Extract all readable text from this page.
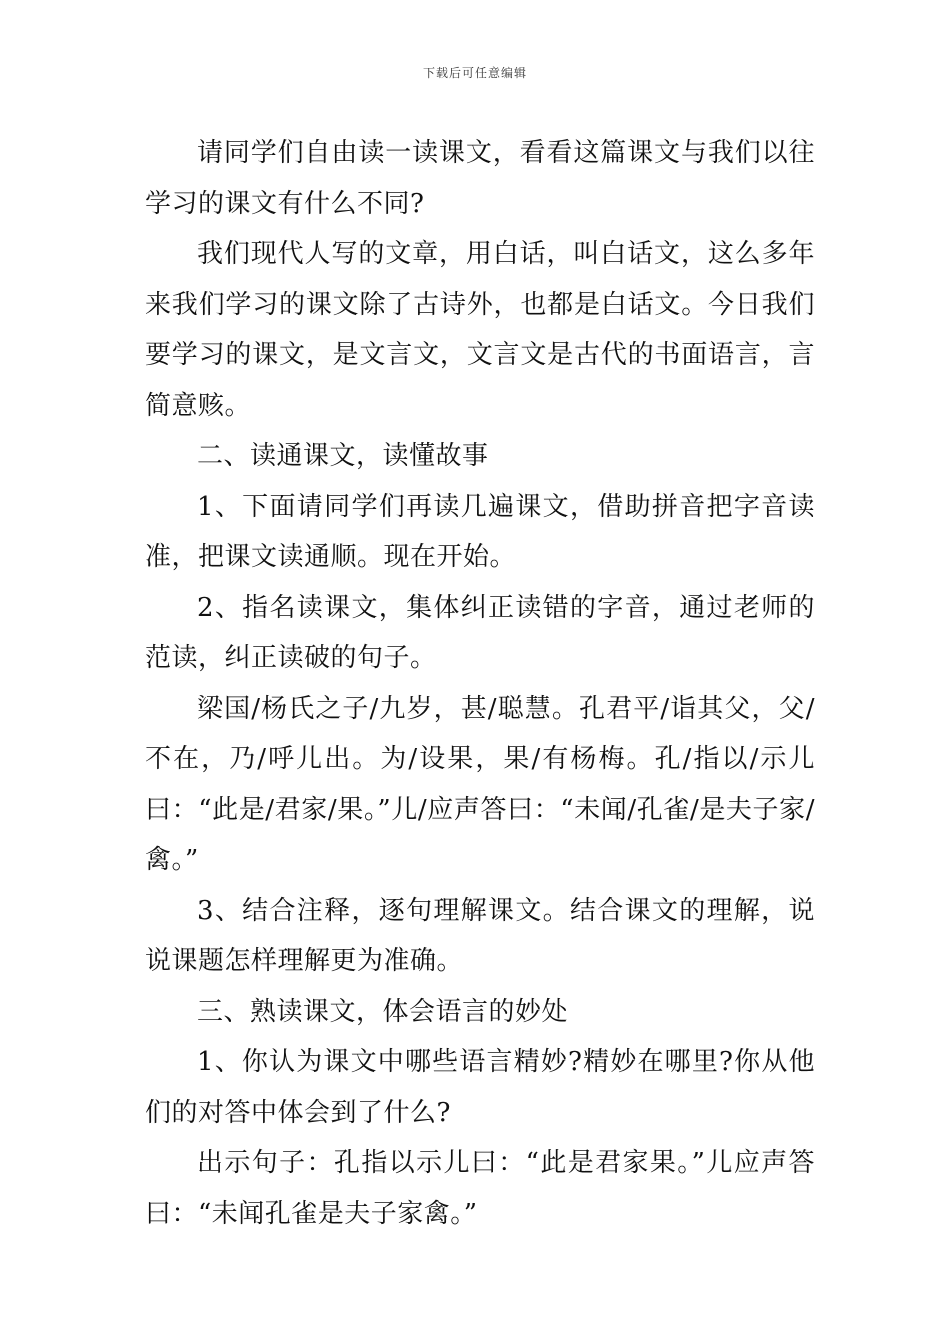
下载后可任意编辑

请同学们自由读一读课文，看看这篇课文与我们以往学习的课文有什么不同?

我们现代人写的文章，用白话，叫白话文，这么多年来我们学习的课文除了古诗外，也都是白话文。今日我们要学习的课文，是文言文，文言文是古代的书面语言，言简意赅。

二、读通课文，读懂故事

1、下面请同学们再读几遍课文，借助拼音把字音读准，把课文读通顺。现在开始。

2、指名读课文，集体纠正读错的字音，通过老师的范读，纠正读破的句子。

梁国/杨氏之子/九岁，甚/聪慧。孔君平/诣其父，父/不在，乃/呼儿出。为/设果，果/有杨梅。孔/指以/示儿曰：“此是/君家/果。”儿/应声答曰：“未闻/孔雀/是夫子家/禽。”

3、结合注释，逐句理解课文。结合课文的理解，说说课题怎样理解更为准确。

三、熟读课文，体会语言的妙处

1、你认为课文中哪些语言精妙?精妙在哪里?你从他们的对答中体会到了什么?

出示句子：孔指以示儿曰：“此是君家果。”儿应声答曰：“未闻孔雀是夫子家禽。”
